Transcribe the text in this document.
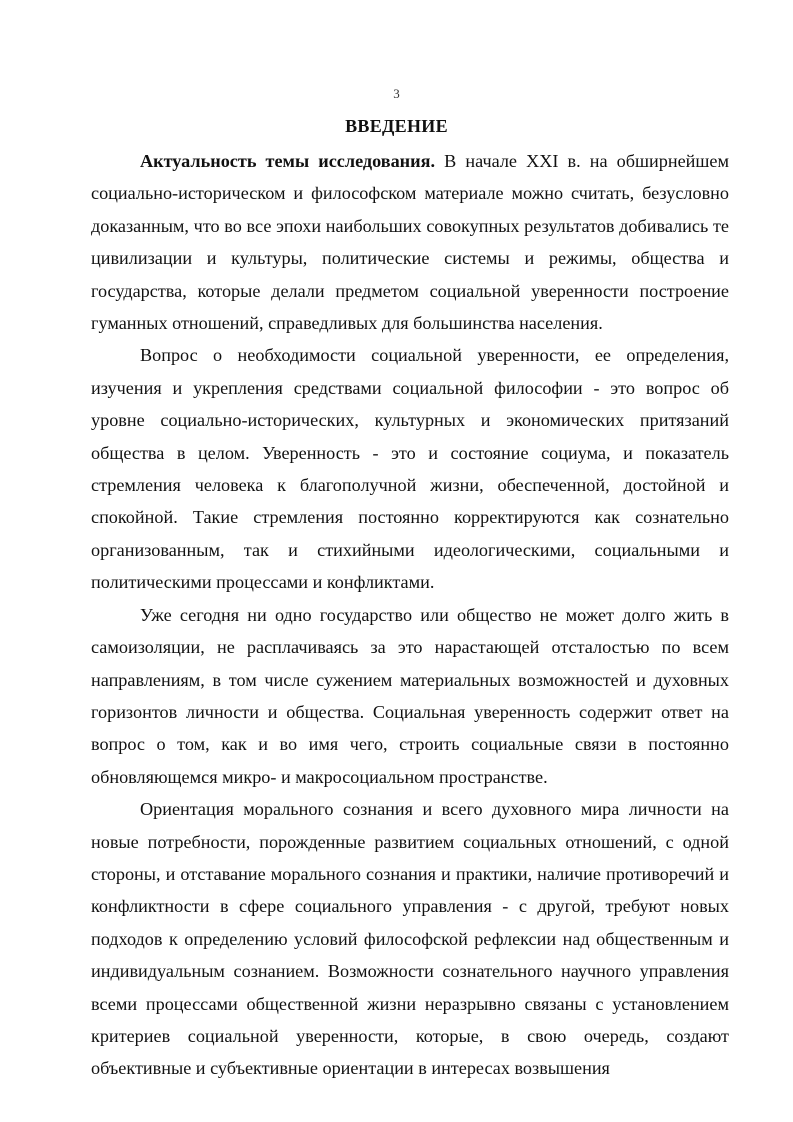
3
ВВЕДЕНИЕ

Актуальность темы исследования. В начале XXI в. на обширнейшем социально-историческом и философском материале можно считать, безусловно доказанным, что во все эпохи наибольших совокупных результатов добивались те цивилизации и культуры, политические системы и режимы, общества и государства, которые делали предметом социальной уверенности построение гуманных отношений, справедливых для большинства населения.

Вопрос о необходимости социальной уверенности, ее определения, изучения и укрепления средствами социальной философии - это вопрос об уровне социально-исторических, культурных и экономических притязаний общества в целом. Уверенность - это и состояние социума, и показатель стремления человека к благополучной жизни, обеспеченной, достойной и спокойной. Такие стремления постоянно корректируются как сознательно организованным, так и стихийными идеологическими, социальными и политическими процессами и конфликтами.

Уже сегодня ни одно государство или общество не может долго жить в самоизоляции, не расплачиваясь за это нарастающей отсталостью по всем направлениям, в том числе сужением материальных возможностей и духовных горизонтов личности и общества. Социальная уверенность содержит ответ на вопрос о том, как и во имя чего, строить социальные связи в постоянно обновляющемся микро- и макросоциальном пространстве.

Ориентация морального сознания и всего духовного мира личности на новые потребности, порожденные развитием социальных отношений, с одной стороны, и отставание морального сознания и практики, наличие противоречий и конфликтности в сфере социального управления - с другой, требуют новых подходов к определению условий философской рефлексии над общественным и индивидуальным сознанием. Возможности сознательного научного управления всеми процессами общественной жизни неразрывно связаны с установлением критериев социальной уверенности, которые, в свою очередь, создают объективные и субъективные ориентации в интересах возвышения
